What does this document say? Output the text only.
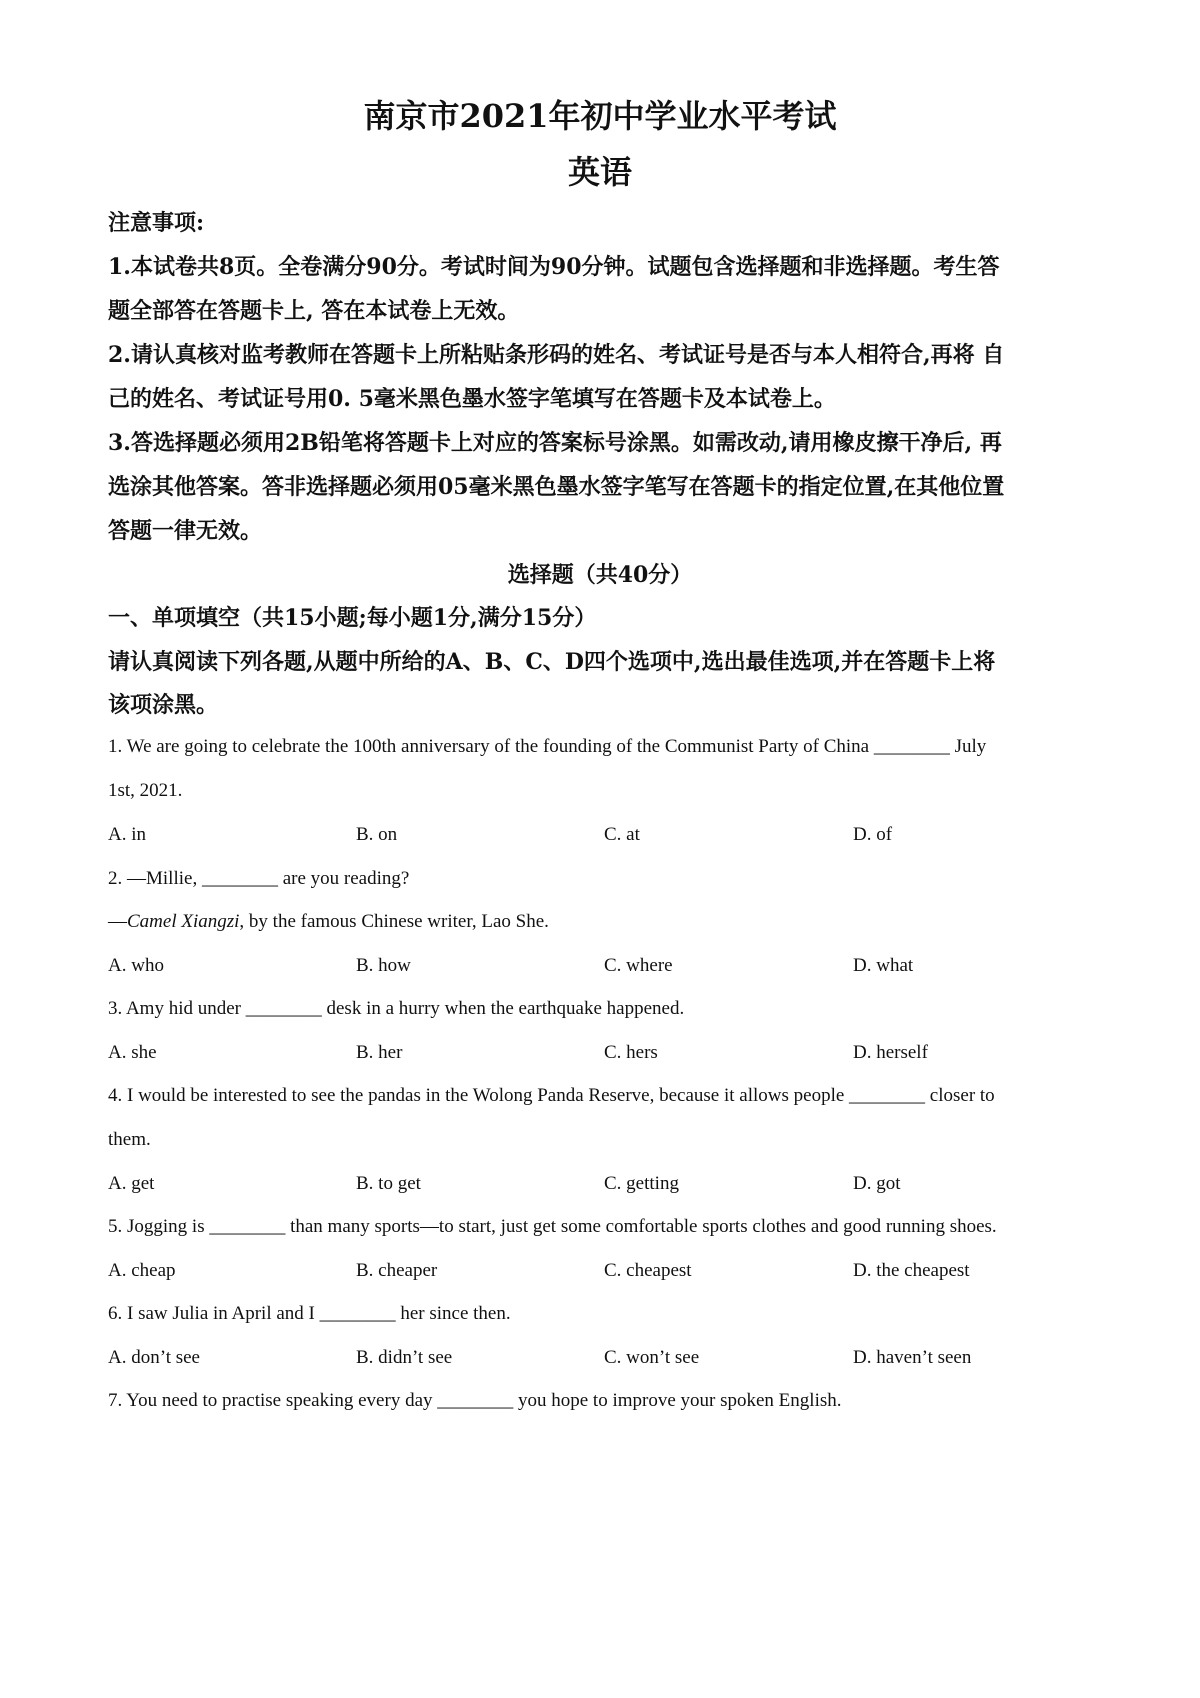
南京市2021年初中学业水平考试
英语
注意事项:
1.本试卷共8页。全卷满分90分。考试时间为90分钟。试题包含选择题和非选择题。考生答
题全部答在答题卡上, 答在本试卷上无效。
2.请认真核对监考教师在答题卡上所粘贴条形码的姓名、考试证号是否与本人相符合,再将 自
己的姓名、考试证号用0. 5毫米黑色墨水签字笔填写在答题卡及本试卷上。
3.答选择题必须用2B铅笔将答题卡上对应的答案标号涂黑。如需改动,请用橡皮擦干净后, 再
选涂其他答案。答非选择题必须用05毫米黑色墨水签字笔写在答题卡的指定位置,在其他位置
答题一律无效。
选择题（共40分）
一、单项填空（共15小题;每小题1分,满分15分）
请认真阅读下列各题,从题中所给的A、B、C、D四个选项中,选出最佳选项,并在答题卡上将
该项涂黑。
1. We are going to celebrate the 100th anniversary of the founding of the Communist Party of China ________ July
1st, 2021.
A. in	B. on	C. at	D. of
2. —Millie, ________ are you reading?
—Camel Xiangzi, by the famous Chinese writer, Lao She.
A. who	B. how	C. where	D. what
3. Amy hid under ________ desk in a hurry when the earthquake happened.
A. she	B. her	C. hers	D. herself
4. I would be interested to see the pandas in the Wolong Panda Reserve, because it allows people ________ closer to
them.
A. get	B. to get	C. getting	D. got
5. Jogging is ________ than many sports—to start, just get some comfortable sports clothes and good running shoes.
A. cheap	B. cheaper	C. cheapest	D. the cheapest
6. I saw Julia in April and I ________ her since then.
A. don’t see	B. didn’t see	C. won’t see	D. haven’t seen
7. You need to practise speaking every day ________ you hope to improve your spoken English.
